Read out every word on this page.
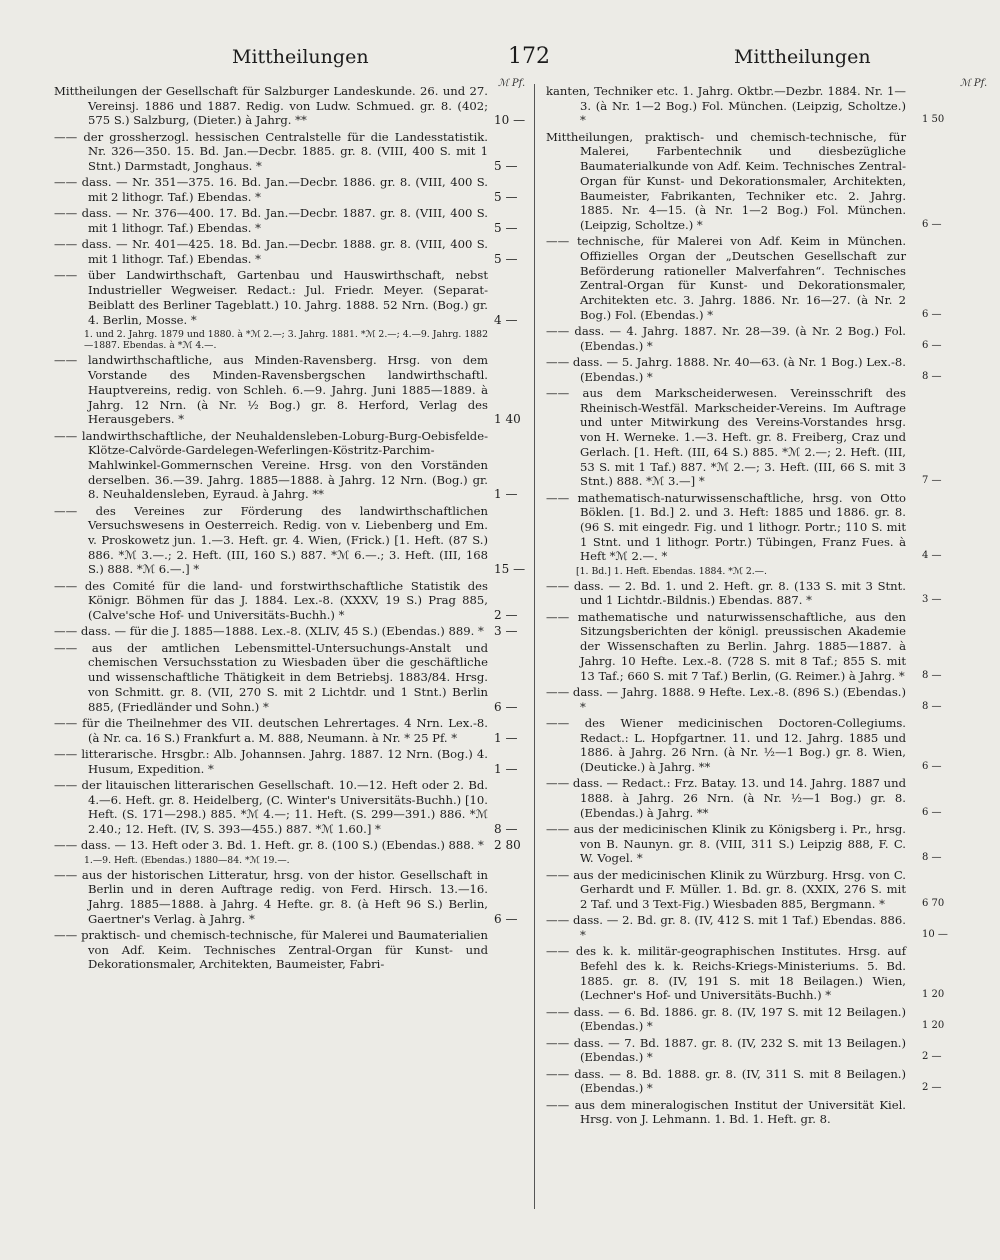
Mittheilungen	172	Mittheilungen
ℳ Pf.	ℳ Pf.
Mittheilungen der Gesellschaft für Salzburger Landeskunde. 26. und 27. Vereinsj. 1886 und 1887. Redig. von Ludw. Schmued. gr. 8. (402; 575 S.) Salzburg, (Dieter.) à Jahrg. **	10 —
—— der grossherzogl. hessischen Centralstelle für die Landesstatistik. Nr. 326—350. 15. Bd. Jan.—Decbr. 1885. gr. 8. (VIII, 400 S. mit 1 Stnt.) Darmstadt, Jonghaus. *	5 —
—— dass. — Nr. 351—375. 16. Bd. Jan.—Decbr. 1886. gr. 8. (VIII, 400 S. mit 2 lithogr. Taf.) Ebendas. *	5 —
—— dass. — Nr. 376—400. 17. Bd. Jan.—Decbr. 1887. gr. 8. (VIII, 400 S. mit 1 lithogr. Taf.) Ebendas. *	5 —
—— dass. — Nr. 401—425. 18. Bd. Jan.—Decbr. 1888. gr. 8. (VIII, 400 S. mit 1 lithogr. Taf.) Ebendas. *	5 —
—— über Landwirthschaft, Gartenbau und Hauswirthschaft, nebst Industrieller Wegweiser. Redact.: Jul. Friedr. Meyer. (Separat-Beiblatt des Berliner Tageblatt.) 10. Jahrg. 1888. 52 Nrn. (Bog.) gr. 4. Berlin, Mosse. *	4 —
1. und 2. Jahrg. 1879 und 1880. à *ℳ 2.—; 3. Jahrg. 1881. *ℳ 2.—; 4.—9. Jahrg. 1882—1887. Ebendas. à *ℳ 4.—.
—— landwirthschaftliche, aus Minden-Ravensberg. Hrsg. von dem Vorstande des Minden-Ravensbergschen landwirthschaftl. Hauptvereins, redig. von Schleh. 6.—9. Jahrg. Juni 1885—1889. à Jahrg. 12 Nrn. (à Nr. ½ Bog.) gr. 8. Herford, Verlag des Herausgebers. *	1 40
—— landwirthschaftliche, der Neuhaldensleben-Loburg-Burg-Oebisfelde-Klötze-Calvörde-Gardelegen-Weferlingen-Köstritz-Parchim-Mahlwinkel-Gommernschen Vereine. Hrsg. von den Vorständen derselben. 36.—39. Jahrg. 1885—1888. à Jahrg. 12 Nrn. (Bog.) gr. 8. Neuhaldensleben, Eyraud. à Jahrg. **	1 —
—— des Vereines zur Förderung des landwirthschaftlichen Versuchswesens in Oesterreich. Redig. von v. Liebenberg und Em. v. Proskowetz jun. 1.—3. Heft. gr. 4. Wien, (Frick.) [1. Heft. (87 S.) 886. *ℳ 3.—.; 2. Heft. (III, 160 S.) 887. *ℳ 6.—.; 3. Heft. (III, 168 S.) 888. *ℳ 6.—.] *	15 —
—— des Comité für die land- und forstwirthschaftliche Statistik des Königr. Böhmen für das J. 1884. Lex.-8. (XXXV, 19 S.) Prag 885, (Calve'sche Hof- und Universitäts-Buchh.) *	2 —
—— dass. — für die J. 1885—1888. Lex.-8. (XLIV, 45 S.) (Ebendas.) 889. * 3 —
—— aus der amtlichen Lebensmittel-Untersuchungs-Anstalt und chemischen Versuchsstation zu Wiesbaden über die geschäftliche und wissenschaftliche Thätigkeit in dem Betriebsj. 1883/84. Hrsg. von Schmitt. gr. 8. (VII, 270 S. mit 2 Lichtdr. und 1 Stnt.) Berlin 885, (Friedländer und Sohn.) *	6 —
—— für die Theilnehmer des VII. deutschen Lehrertages. 4 Nrn. Lex.-8. (à Nr. ca. 16 S.) Frankfurt a. M. 888, Neumann. à Nr. * 25 Pf. *	1 —
—— litterarische. Hrsgbr.: Alb. Johannsen. Jahrg. 1887. 12 Nrn. (Bog.) 4. Husum, Expedition. *	1 —
—— der litauischen litterarischen Gesellschaft. 10.—12. Heft oder 2. Bd. 4.—6. Heft. gr. 8. Heidelberg, (C. Winter's Universitäts-Buchh.) [10. Heft. (S. 171—298.) 885. *ℳ 4.—; 11. Heft. (S. 299—391.) 886. *ℳ 2.40.; 12. Heft. (IV, S. 393—455.) 887. *ℳ 1.60.] *	8 —
—— dass. — 13. Heft oder 3. Bd. 1. Heft. gr. 8. (100 S.) (Ebendas.) 888. * 2 80
1.—9. Heft. (Ebendas.) 1880—84. *ℳ 19.—.
—— aus der historischen Litteratur, hrsg. von der histor. Gesellschaft in Berlin und in deren Auftrage redig. von Ferd. Hirsch. 13.—16. Jahrg. 1885—1888. à Jahrg. 4 Hefte. gr. 8. (à Heft 96 S.) Berlin, Gaertner's Verlag. à Jahrg. *	6 —
—— praktisch- und chemisch-technische, für Malerei und Baumaterialien von Adf. Keim. Technisches Zentral-Organ für Kunst- und Dekorationsmaler, Architekten, Baumeister, Fabri-
kanten, Techniker etc. 1. Jahrg. Oktbr.—Dezbr. 1884. Nr. 1—3. (à Nr. 1—2 Bog.) Fol. München. (Leipzig, Scholtze.) *	1 50
Mittheilungen, praktisch- und chemisch-technische, für Malerei, Farbentechnik und diesbezügliche Baumaterialkunde von Adf. Keim. Technisches Zentral-Organ für Kunst- und Dekorationsmaler, Architekten, Baumeister, Fabrikanten, Techniker etc. 2. Jahrg. 1885. Nr. 4—15. (à Nr. 1—2 Bog.) Fol. München. (Leipzig, Scholtze.) *	6 —
—— technische, für Malerei von Adf. Keim in München. Offizielles Organ der „Deutschen Gesellschaft zur Beförderung rationeller Malverfahren“. Technisches Zentral-Organ für Kunst- und Dekorationsmaler, Architekten etc. 3. Jahrg. 1886. Nr. 16—27. (à Nr. 2 Bog.) Fol. (Ebendas.) *	6 —
—— dass. — 4. Jahrg. 1887. Nr. 28—39. (à Nr. 2 Bog.) Fol. (Ebendas.) *	6 —
—— dass. — 5. Jahrg. 1888. Nr. 40—63. (à Nr. 1 Bog.) Lex.-8. (Ebendas.) *	8 —
—— aus dem Markscheiderwesen. Vereinsschrift des Rheinisch-Westfäl. Markscheider-Vereins. Im Auftrage und unter Mitwirkung des Vereins-Vorstandes hrsg. von H. Werneke. 1.—3. Heft. gr. 8. Freiberg, Craz und Gerlach. [1. Heft. (III, 64 S.) 885. *ℳ 2.—; 2. Heft. (III, 53 S. mit 1 Taf.) 887. *ℳ 2.—; 3. Heft. (III, 66 S. mit 3 Stnt.) 888. *ℳ 3.—] *	7 —
—— mathematisch-naturwissenschaftliche, hrsg. von Otto Böklen. [1. Bd.] 2. und 3. Heft: 1885 und 1886. gr. 8. (96 S. mit eingedr. Fig. und 1 lithogr. Portr.; 110 S. mit 1 Stnt. und 1 lithogr. Portr.) Tübingen, Franz Fues. à Heft *ℳ 2.—. *	4 —
[1. Bd.] 1. Heft. Ebendas. 1884. *ℳ 2.—.
—— dass. — 2. Bd. 1. und 2. Heft. gr. 8. (133 S. mit 3 Stnt. und 1 Lichtdr.-Bildnis.) Ebendas. 887. *	3 —
—— mathematische und naturwissenschaftliche, aus den Sitzungsberichten der königl. preussischen Akademie der Wissenschaften zu Berlin. Jahrg. 1885—1887. à Jahrg. 10 Hefte. Lex.-8. (728 S. mit 8 Taf.; 855 S. mit 13 Taf.; 660 S. mit 7 Taf.) Berlin, (G. Reimer.) à Jahrg. * 8 —
—— dass. — Jahrg. 1888. 9 Hefte. Lex.-8. (896 S.) (Ebendas.) *	8 —
—— des Wiener medicinischen Doctoren-Collegiums. Redact.: L. Hopfgartner. 11. und 12. Jahrg. 1885 und 1886. à Jahrg. 26 Nrn. (à Nr. ½—1 Bog.) gr. 8. Wien, (Deuticke.) à Jahrg. **	6 —
—— dass. — Redact.: Frz. Batay. 13. und 14. Jahrg. 1887 und 1888. à Jahrg. 26 Nrn. (à Nr. ½—1 Bog.) gr. 8. (Ebendas.) à Jahrg. **	6 —
—— aus der medicinischen Klinik zu Königsberg i. Pr., hrsg. von B. Naunyn. gr. 8. (VIII, 311 S.) Leipzig 888, F. C. W. Vogel. *	8 —
—— aus der medicinischen Klinik zu Würzburg. Hrsg. von C. Gerhardt und F. Müller. 1. Bd. gr. 8. (XXIX, 276 S. mit 2 Taf. und 3 Text-Fig.) Wiesbaden 885, Bergmann. *	6 70
—— dass. — 2. Bd. gr. 8. (IV, 412 S. mit 1 Taf.) Ebendas. 886. *	10 —
—— des k. k. militär-geographischen Institutes. Hrsg. auf Befehl des k. k. Reichs-Kriegs-Ministeriums. 5. Bd. 1885. gr. 8. (IV, 191 S. mit 18 Beilagen.) Wien, (Lechner's Hof- und Universitäts-Buchh.) *	1 20
—— dass. — 6. Bd. 1886. gr. 8. (IV, 197 S. mit 12 Beilagen.) (Ebendas.) *	1 20
—— dass. — 7. Bd. 1887. gr. 8. (IV, 232 S. mit 13 Beilagen.) (Ebendas.) *	2 —
—— dass. — 8. Bd. 1888. gr. 8. (IV, 311 S. mit 8 Beilagen.) (Ebendas.) *	2 —
—— aus dem mineralogischen Institut der Universität Kiel. Hrsg. von J. Lehmann. 1. Bd. 1. Heft. gr. 8.
